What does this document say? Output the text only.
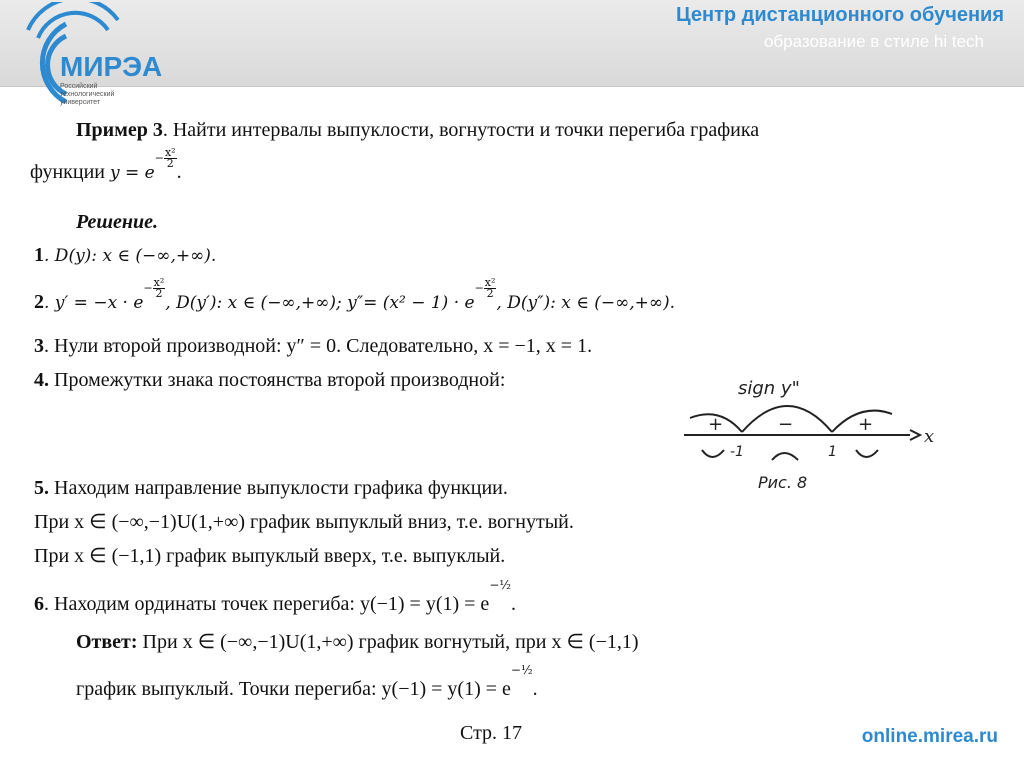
МИРЭА
Российский
технологический
университет
Центр дистанционного обучения
образование в стиле hi tech
Пример 3. Найти интервалы выпуклости, вогнутости и точки перегиба графика
функции $y = e^{- \frac{\text{x²}}{2}}$
.
Решение.
1. D(y): x ∈ (−∞,+∞).
2. $y' = -x \cdot e^{- \frac{\text{x²}}{2}}$
, D(y′): x ∈ (−∞,+∞); $y''= (x^2 - 1) \cdot e^{- \frac{\text{x²}}{2}}$
, D(y″): x ∈ (−∞,+∞).
3. Нули второй производной: y″ = 0. Следовательно, x = −1, x = 1.
4. Промежутки знака постоянства второй производной:	sign y"
x
+	−	+
-1	1
Рис. 8
5. Находим направление выпуклости графика функции.
При x ∈ (−∞,−1)U(1,+∞) график выпуклый вниз, т.е. вогнутый.
При x ∈ (−1,1) график выпуклый вверх, т.е. выпуклый.
6. Находим ординаты точек перегиба: $y(-1) = y(1) = e^{-\frac{1}{2}}$.
Ответ: При x ∈ (−∞,−1)U(1,+∞) график вогнутый, при x ∈ (−1,1)
график выпуклый. Точки перегиба: $y(-1) = y(1) = e^{-\frac{1}{2}}$.
Стр. 17	online.mirea.ru
